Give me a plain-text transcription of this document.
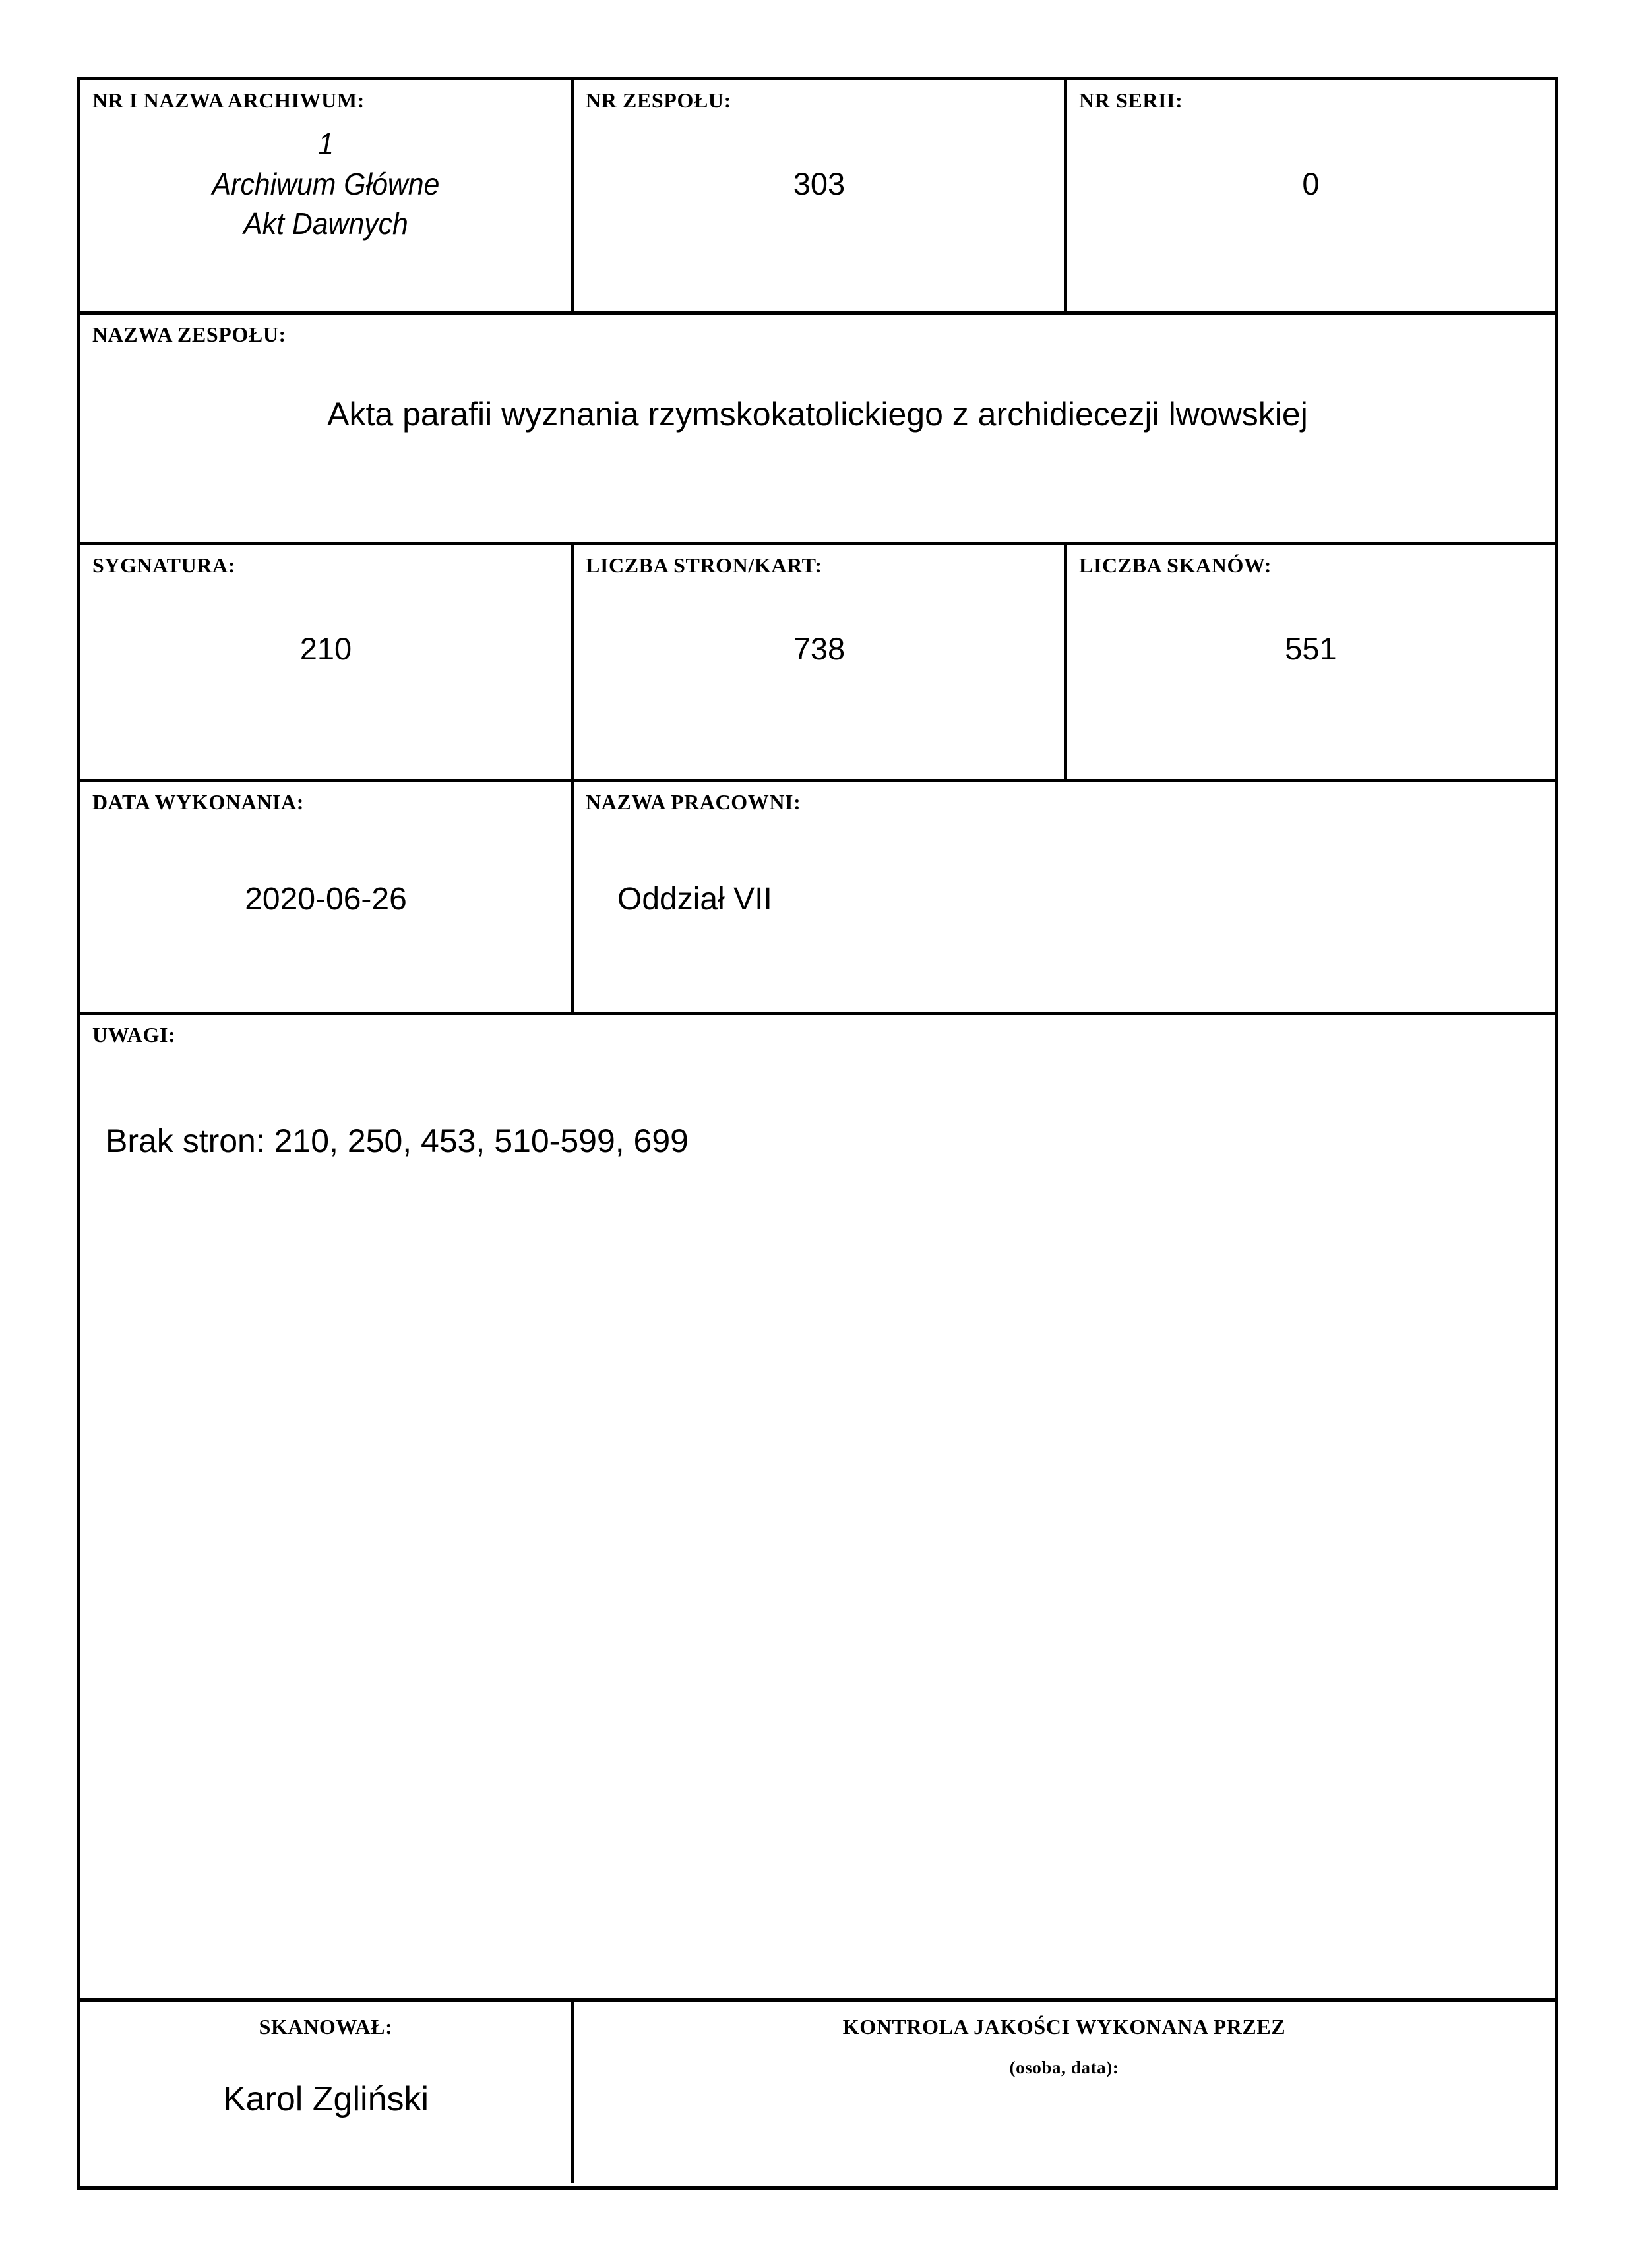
NR I NAZWA ARCHIWUM:
1
Archiwum Główne
Akt Dawnych
NR ZESPOŁU:
303
NR SERII:
0
NAZWA ZESPOŁU:
Akta parafii wyznania rzymskokatolickiego z archidiecezji lwowskiej
SYGNATURA:
210
LICZBA STRON/KART:
738
LICZBA SKANÓW:
551
DATA WYKONANIA:
2020-06-26
NAZWA PRACOWNI:
Oddział VII
UWAGI:
Brak stron: 210, 250, 453, 510-599, 699
SKANOWAŁ:
Karol Zgliński
KONTROLA JAKOŚCI WYKONANA PRZEZ
(osoba, data):
